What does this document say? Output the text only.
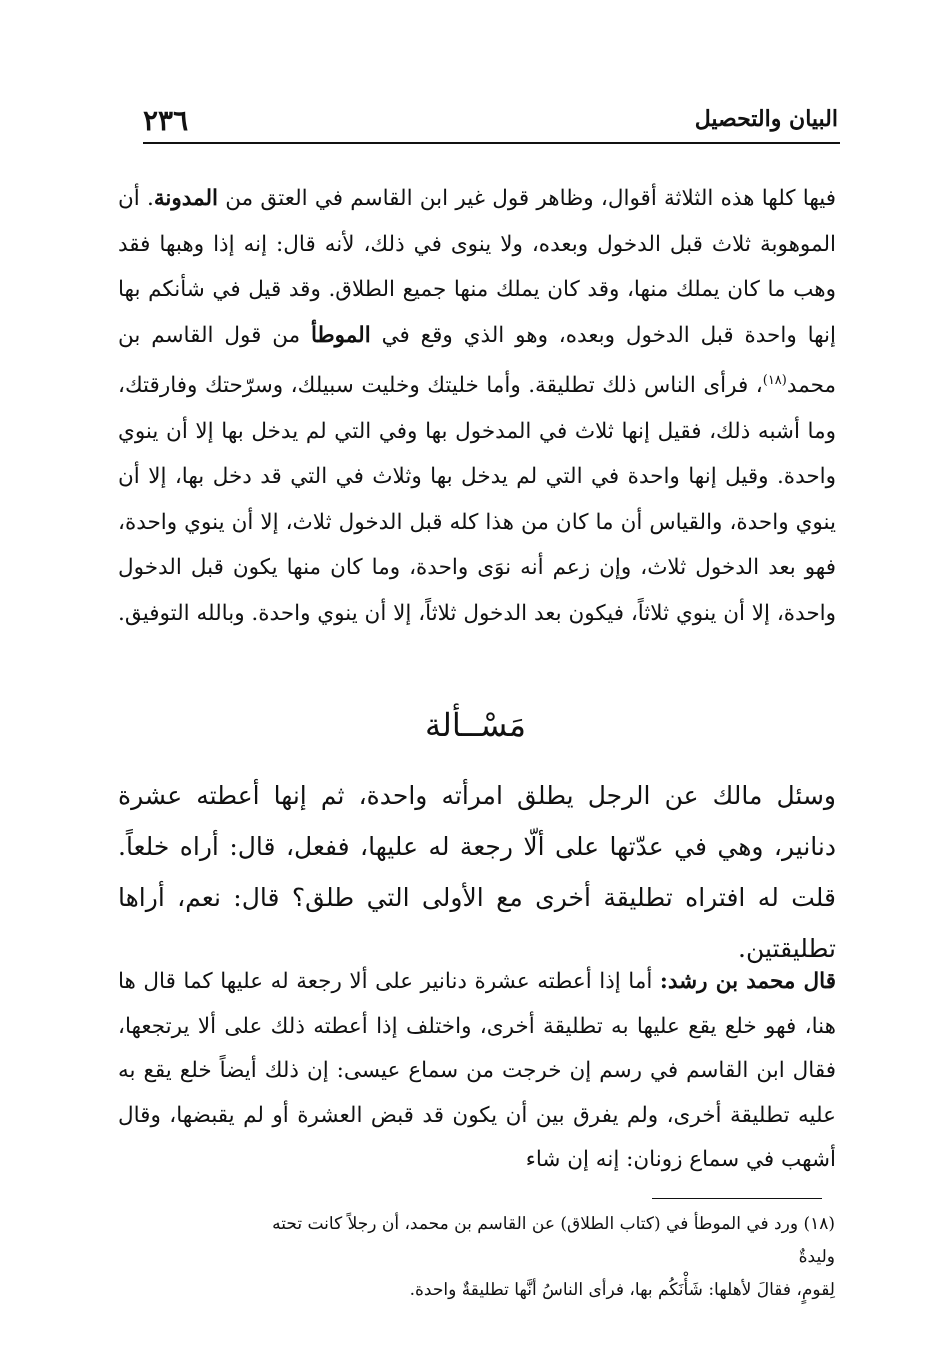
٢٣٦	البيان والتحصيل

فيها كلها هذه الثلاثة أقوال، وظاهر قول غير ابن القاسم في العتق من المدونة. أن الموهوبة ثلاث قبل الدخول وبعده، ولا ينوى في ذلك، لأنه قال: إنه إذا وهبها فقد وهب ما كان يملك منها، وقد كان يملك منها جميع الطلاق. وقد قيل في شأنكم بها إنها واحدة قبل الدخول وبعده، وهو الذي وقع في الموطأ من قول القاسم بن محمد$^{(١٨)}$، فرأى الناس ذلك تطليقة. وأما خليتك وخليت سبيلك، وسرّحتك وفارقتك، وما أشبه ذلك، فقيل إنها ثلاث في المدخول بها وفي التي لم يدخل بها إلا أن ينوي واحدة. وقيل إنها واحدة في التي لم يدخل بها وثلاث في التي قد دخل بها، إلا أن ينوي واحدة، والقياس أن ما كان من هذا كله قبل الدخول ثلاث، إلا أن ينوي واحدة، فهو بعد الدخول ثلاث، وإن زعم أنه نوَى واحدة، وما كان منها يكون قبل الدخول واحدة، إلا أن ينوي ثلاثاً، فيكون بعد الدخول ثلاثاً، إلا أن ينوي واحدة. وبالله التوفيق.

مَسْــألة

وسئل مالك عن الرجل يطلق امرأته واحدة، ثم إنها أعطته عشرة دنانير، وهي في عدّتها على ألّا رجعة له عليها، ففعل، قال: أراه خلعاً. قلت له افتراه تطليقة أخرى مع الأولى التي طلق؟ قال: نعم، أراها تطليقتين.

قال محمد بن رشد: أما إذا أعطته عشرة دنانير على ألا رجعة له عليها كما قال ها هنا، فهو خلع يقع عليها به تطليقة أخرى، واختلف إذا أعطته ذلك على ألا يرتجعها، فقال ابن القاسم في رسم إن خرجت من سماع عيسى: إن ذلك أيضاً خلع يقع به عليه تطليقة أخرى، ولم يفرق بين أن يكون قد قبض العشرة أو لم يقبضها، وقال أشهب في سماع زونان: إنه إن شاء

(١٨) ورد في الموطأ في (كتاب الطلاق) عن القاسم بن محمد، أن رجلاً كانت تحته وليدةٌ

لِقومٍ، فقالَ لأهلها: شَأْنَكُم بها، فرأى الناسُ أنَّها تطليقةٌ واحدة.
